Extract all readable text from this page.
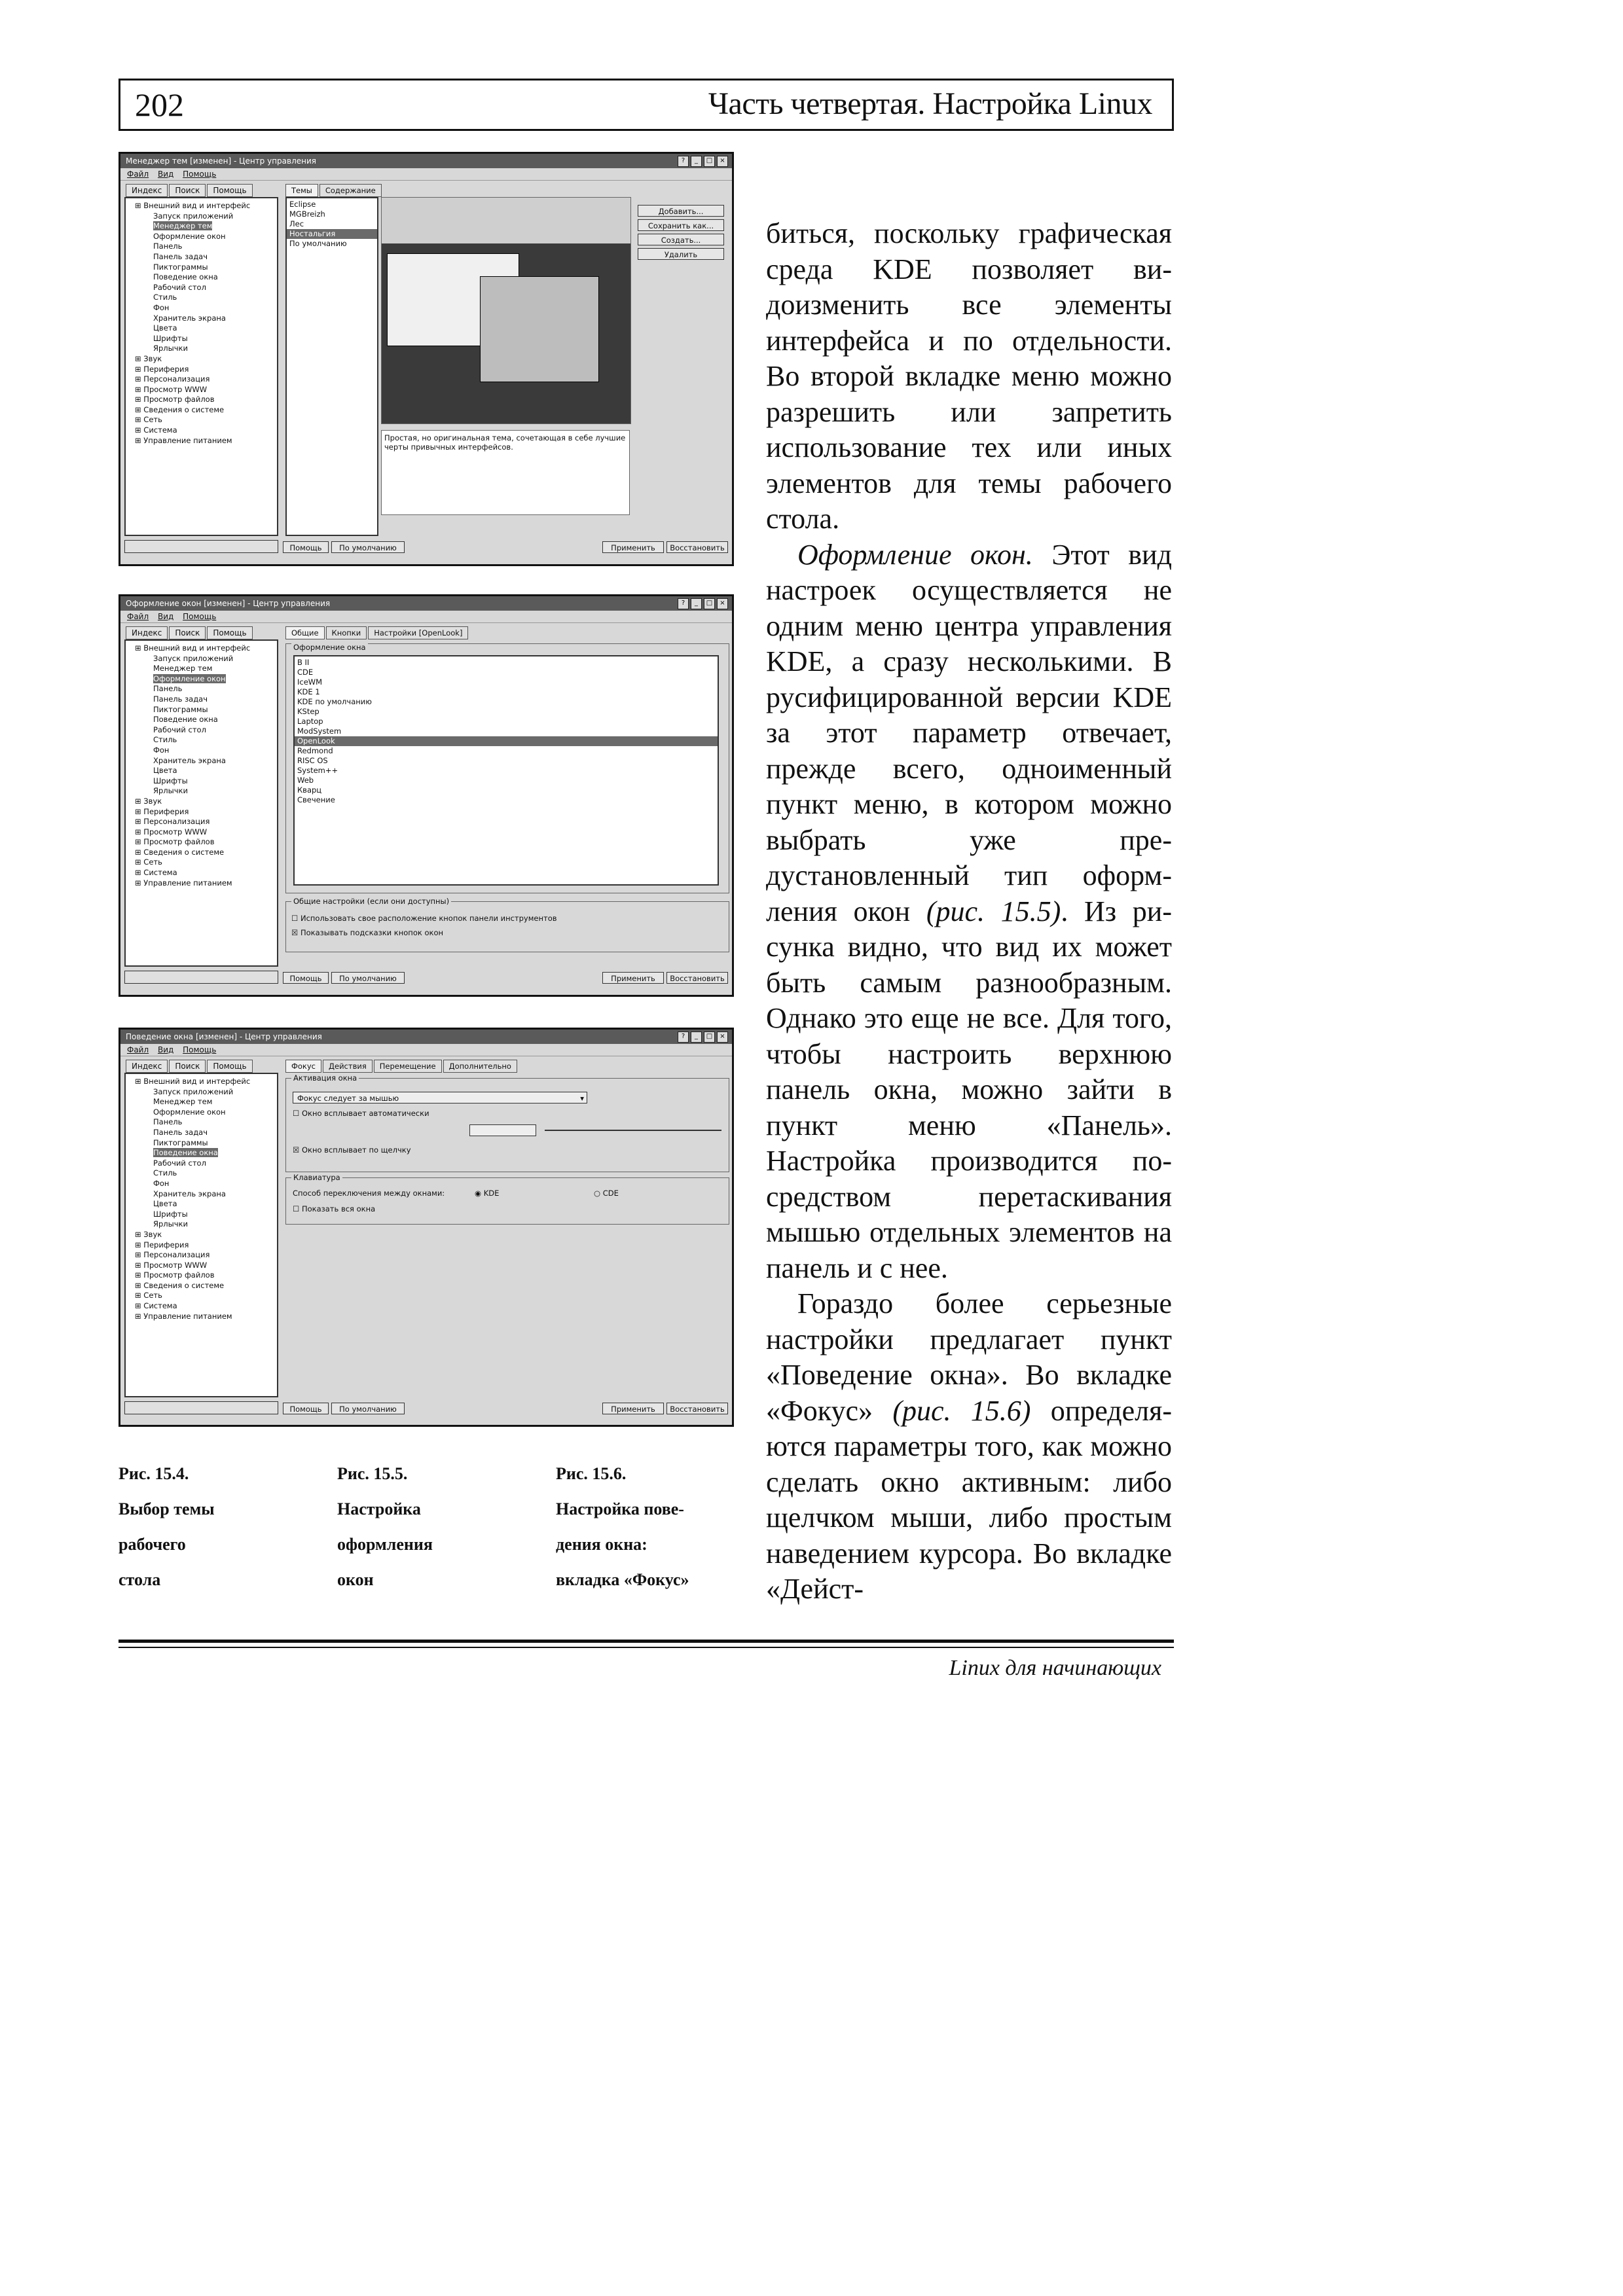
202	Часть четвертая. Настройка Linux
Менеджер тем [изменен] - Центр управления	?	_	□	×
Файл Вид Помощь
Индекс	Поиск	Помощь
⊞ Внешний вид и интерфейс
Запуск приложений
Менеджер тем
Оформление окон
Панель
Панель задач
Пиктограммы
Поведение окна
Рабочий стол
Стиль
Фон
Хранитель экрана
Цвета
Шрифты
Ярлычки
⊞ Звук
⊞ Периферия
⊞ Персонализация
⊞ Просмотр WWW
⊞ Просмотр файлов
⊞ Сведения о системе
⊞ Сеть
⊞ Система
⊞ Управление питанием
Темы	Содержание
Eclipse
MGBreizh
Лес
Ностальгия
По умолчанию
Простая, но оригинальная тема, сочетающая в себе лучшие черты привычных интерфейсов.
Добавить...
Сохранить как...
Создать...
Удалить
Помощь	По умолчанию	Применить	Восстановить
Оформление окон [изменен] - Центр управления	?	_	□	×
Файл Вид Помощь
Индекс	Поиск	Помощь
⊞ Внешний вид и интерфейс
Запуск приложений
Менеджер тем
Оформление окон
Панель
Панель задач
Пиктограммы
Поведение окна
Рабочий стол
Стиль
Фон
Хранитель экрана
Цвета
Шрифты
Ярлычки
⊞ Звук
⊞ Периферия
⊞ Персонализация
⊞ Просмотр WWW
⊞ Просмотр файлов
⊞ Сведения о системе
⊞ Сеть
⊞ Система
⊞ Управление питанием
Общие	Кнопки	Настройки [OpenLook]
Оформление окна
B II
CDE
IceWM
KDE 1
KDE по умолчанию
KStep
Laptop
ModSystem
OpenLook
Redmond
RISC OS
System++
Web
Кварц
Свечение
Общие настройки (если они доступны)
☐ Использовать свое расположение кнопок панели инструментов
☒ Показывать подсказки кнопок окон
Помощь	По умолчанию	Применить	Восстановить
Поведение окна [изменен] - Центр управления	?	_	□	×
Файл Вид Помощь
Индекс	Поиск	Помощь
⊞ Внешний вид и интерфейс
Запуск приложений
Менеджер тем
Оформление окон
Панель
Панель задач
Пиктограммы
Поведение окна
Рабочий стол
Стиль
Фон
Хранитель экрана
Цвета
Шрифты
Ярлычки
⊞ Звук
⊞ Периферия
⊞ Персонализация
⊞ Просмотр WWW
⊞ Просмотр файлов
⊞ Сведения о системе
⊞ Сеть
⊞ Система
⊞ Управление питанием
Фокус	Действия	Перемещение	Дополнительно
Активация окна
Фокус следует за мышью	▾
☐ Окно всплывает автоматически
☒ Окно всплывает по щелчку
Клавиатура
Способ переключения между окнами:	◉ KDE	○ CDE
☐ Показать вся окна
Помощь	По умолчанию	Применить	Восстановить
Рис. 15.4.
Выбор темы
рабочего
стола
Рис. 15.5.
Настройка
оформления
окон
Рис. 15.6.
Настройка пове-
дения окна:
вкладка «Фокус»

биться, поскольку графическая среда KDE позволяет видоизменить все элементы интерфейса и по отдельности. Во второй вкладке меню можно разрешить или запретить использование тех или иных элементов для темы рабочего стола.

Оформление окон. Этот вид настроек осуществляется не одним меню центра управления KDE, а сразу несколькими. В русифицированной версии KDE за этот параметр отвечает, прежде всего, одноименный пункт меню, в котором можно выбрать уже предустановленный тип оформления окон (рис. 15.5). Из рисунка видно, что вид их может быть самым разнообразным. Однако это еще не все. Для того, чтобы настроить верхнюю панель окна, можно зайти в пункт меню «Панель». Настройка производится посредством перетаскивания мышью отдельных элементов на панель и с нее.

Гораздо более серьезные настройки предлагает пункт «Поведение окна». Во вкладке «Фокус» (рис. 15.6) определяются параметры того, как можно сделать окно активным: либо щелчком мыши, либо простым наведением курсора. Во вкладке «Дейст-

Linux для начинающих
